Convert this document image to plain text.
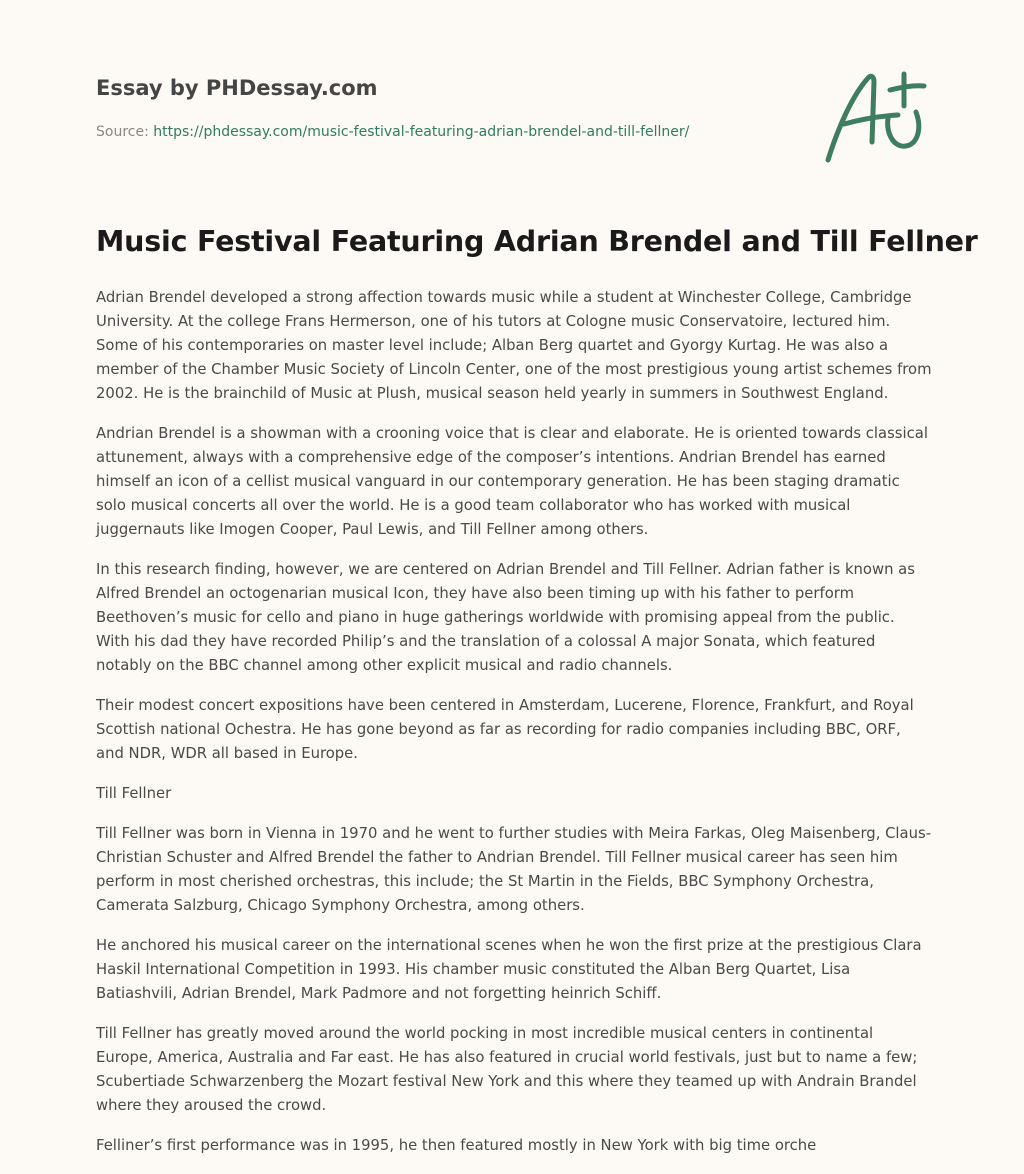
Essay by PHDessay.com

Source: https://phdessay.com/music-festival-featuring-adrian-brendel-and-till-fellner/

Music Festival Featuring Adrian Brendel and Till Fellner

Adrian Brendel developed a strong affection towards music while a student at Winchester College, Cambridge University. At the college Frans Hermerson, one of his tutors at Cologne music Conservatoire, lectured him. Some of his contemporaries on master level include; Alban Berg quartet and Gyorgy Kurtag. He was also a member of the Chamber Music Society of Lincoln Center, one of the most prestigious young artist schemes from 2002. He is the brainchild of Music at Plush, musical season held yearly in summers in Southwest England.

Andrian Brendel is a showman with a crooning voice that is clear and elaborate. He is oriented towards classical attunement, always with a comprehensive edge of the composer’s intentions. Andrian Brendel has earned himself an icon of a cellist musical vanguard in our contemporary generation. He has been staging dramatic solo musical concerts all over the world. He is a good team collaborator who has worked with musical juggernauts like Imogen Cooper, Paul Lewis, and Till Fellner among others.

In this research finding, however, we are centered on Adrian Brendel and Till Fellner. Adrian father is known as Alfred Brendel an octogenarian musical Icon, they have also been timing up with his father to perform Beethoven’s music for cello and piano in huge gatherings worldwide with promising appeal from the public. With his dad they have recorded Philip’s and the translation of a colossal A major Sonata, which featured notably on the BBC channel among other explicit musical and radio channels.

Their modest concert expositions have been centered in Amsterdam, Lucerene, Florence, Frankfurt, and Royal Scottish national Ochestra. He has gone beyond as far as recording for radio companies including BBC, ORF, and NDR, WDR all based in Europe.

Till Fellner

Till Fellner was born in Vienna in 1970 and he went to further studies with Meira Farkas, Oleg Maisenberg, Claus-Christian Schuster and Alfred Brendel the father to Andrian Brendel. Till Fellner musical career has seen him perform in most cherished orchestras, this include; the St Martin in the Fields, BBC Symphony Orchestra, Camerata Salzburg, Chicago Symphony Orchestra, among others.

He anchored his musical career on the international scenes when he won the first prize at the prestigious Clara Haskil International Competition in 1993. His chamber music constituted the Alban Berg Quartet, Lisa Batiashvili, Adrian Brendel, Mark Padmore and not forgetting heinrich Schiff.

Till Fellner has greatly moved around the world pocking in most incredible musical centers in continental Europe, America, Australia and Far east. He has also featured in crucial world festivals, just but to name a few; Scubertiade Schwarzenberg the Mozart festival New York and this where they teamed up with Andrain Brandel where they aroused the crowd.

Felliner’s first performance was in 1995, he then featured mostly in New York with big time orche
